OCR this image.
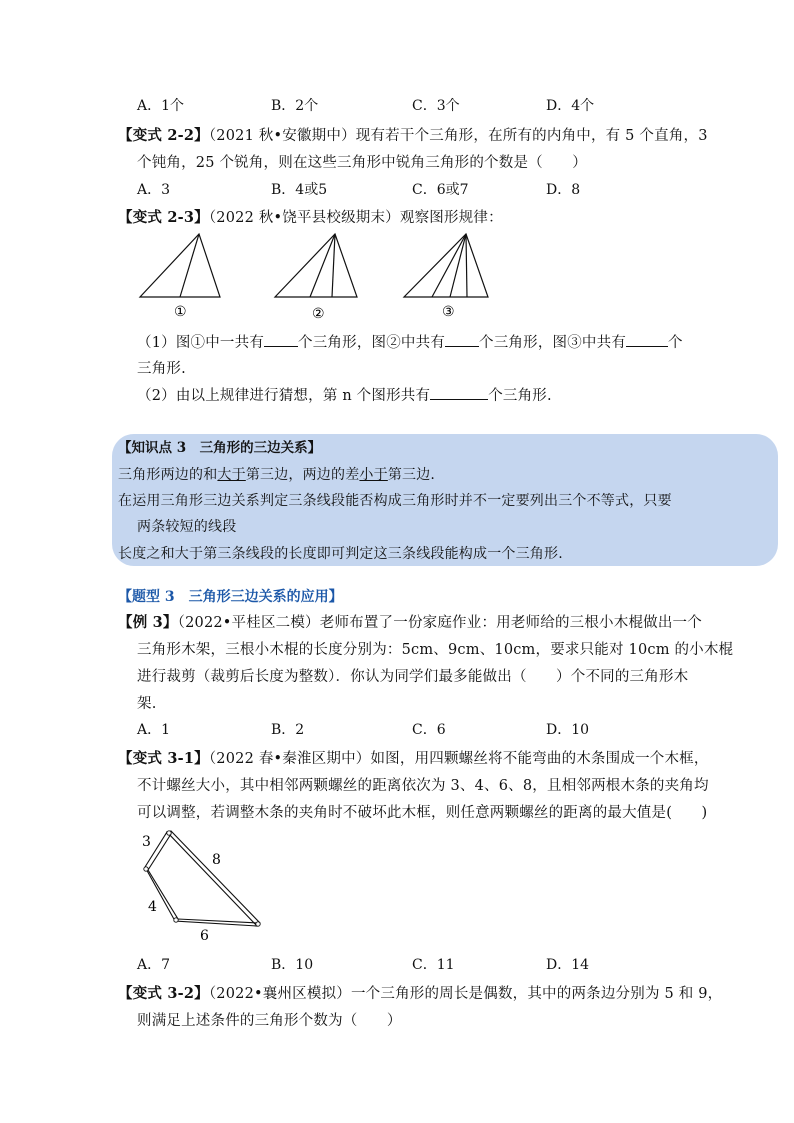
A．1个	B．2个	C．3个	D．4个
【变式 2-2】（2021 秋•安徽期中）现有若干个三角形，在所有的内角中，有 5 个直角，3
个钝角，25 个锐角，则在这些三角形中锐角三角形的个数是（　　）
A．3	B．4或5	C．6或7	D．8
【变式 2-3】（2022 秋•饶平县校级期末）观察图形规律：
①	②	③
（1）图①中一共有 个三角形，图②中共有 个三角形，图③中共有	个
三角形.
（2）由以上规律进行猜想，第 n 个图形共有	个三角形.
【知识点 3　三角形的三边关系】
三角形两边的和大于第三边，两边的差小于第三边.
在运用三角形三边关系判定三条线段能否构成三角形时并不一定要列出三个不等式，只要
两条较短的线段
长度之和大于第三条线段的长度即可判定这三条线段能构成一个三角形.
【题型 3　三角形三边关系的应用】
【例 3】（2022•平桂区二模）老师布置了一份家庭作业：用老师给的三根小木棍做出一个
三角形木架，三根小木棍的长度分别为：5cm、9cm、10cm，要求只能对 10cm 的小木棍
进行裁剪（裁剪后长度为整数）．你认为同学们最多能做出（　　）个不同的三角形木
架.
A．1	B．2	C．6	D．10
【变式 3-1】（2022 春•秦淮区期中）如图，用四颗螺丝将不能弯曲的木条围成一个木框，
不计螺丝大小，其中相邻两颗螺丝的距离依次为 3、4、6、8，且相邻两根木条的夹角均
可以调整，若调整木条的夹角时不破坏此木框，则任意两颗螺丝的距离的最大值是(　　)
3
8
4
6
A．7	B．10	C．11	D．14
【变式 3-2】（2022•襄州区模拟）一个三角形的周长是偶数，其中的两条边分别为 5 和 9，
则满足上述条件的三角形个数为（　　）
